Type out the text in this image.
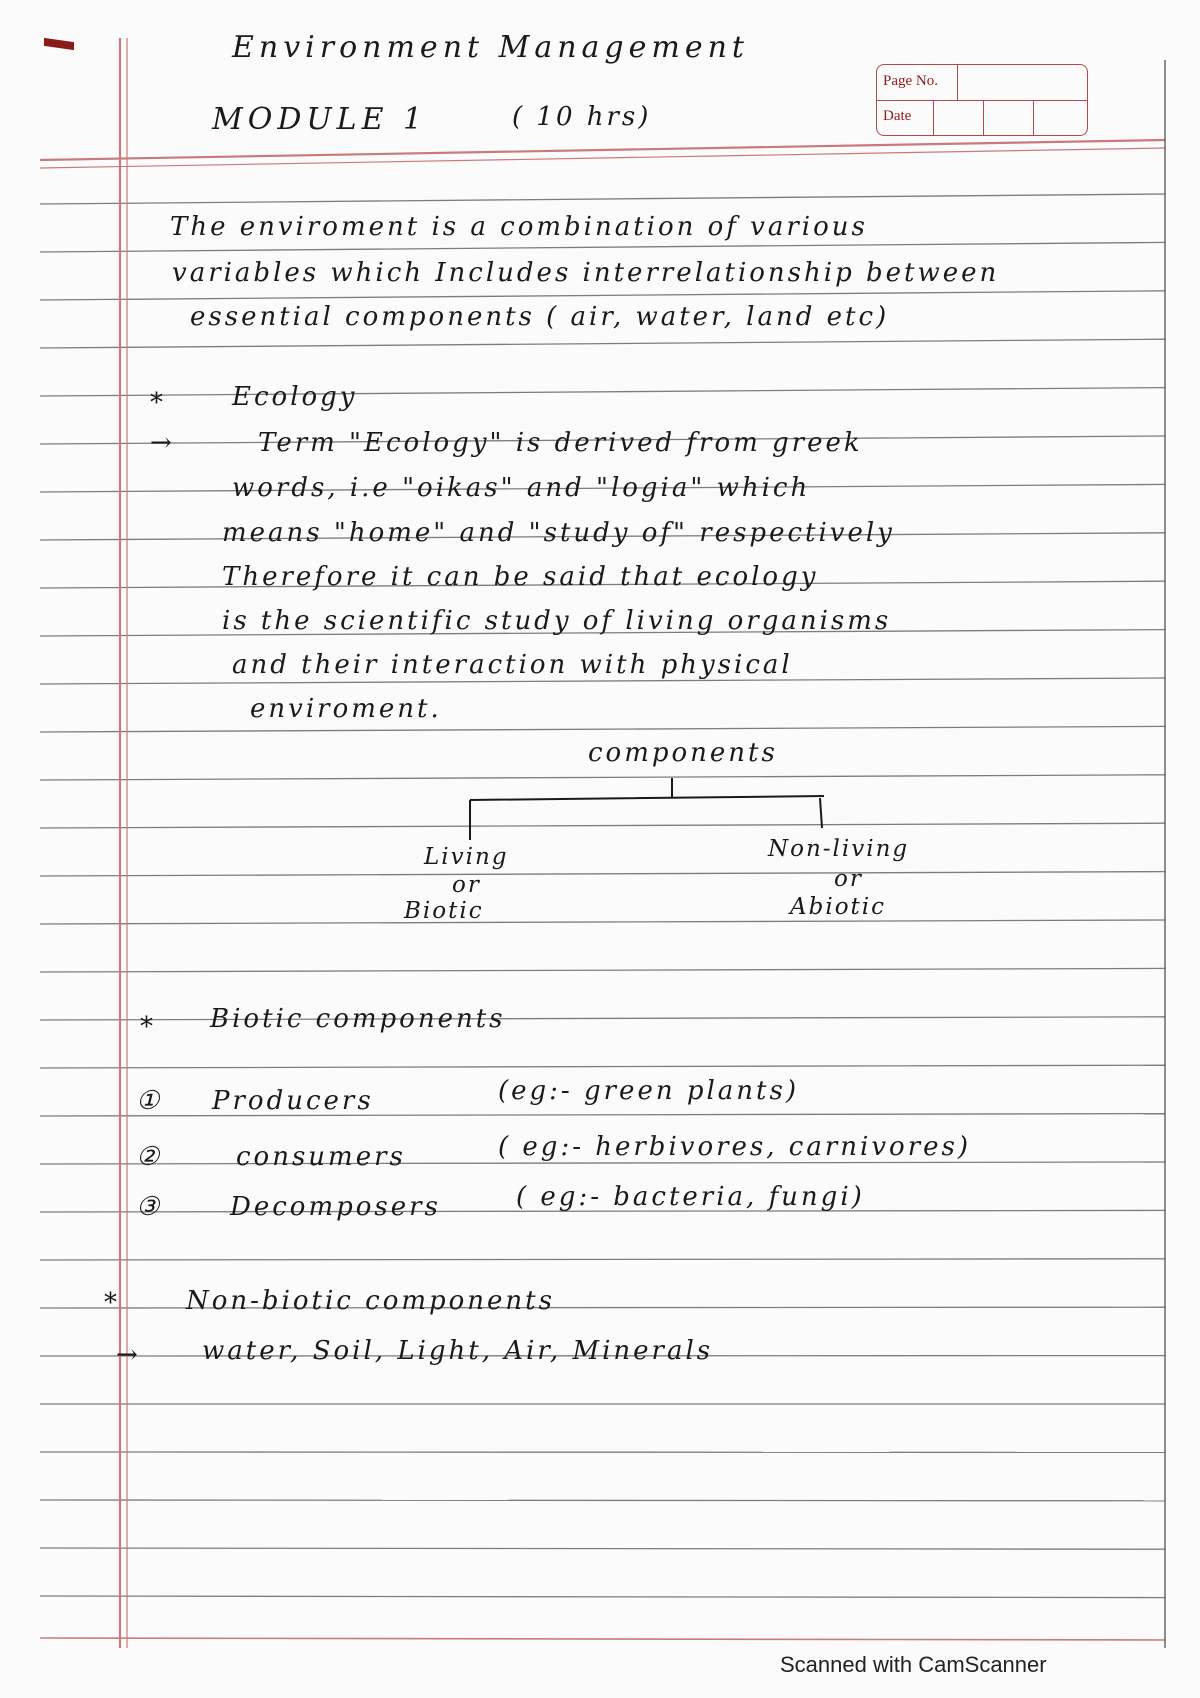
Environment Management
MODULE 1	( 10 hrs)
Page No.
Date
The enviroment is a combination of various
variables which Includes interrelationship between
essential components ( air, water, land etc)
*	Ecology
→	Term "Ecology" is derived from greek
words, i.e "oikas" and "logia" which
means "home" and "study of" respectively
Therefore it can be said that ecology
is the scientific study of living organisms
and their interaction with physical
enviroment.
components
Living
or
Biotic
Non-living
or
Abiotic
* Biotic components
① Producers	(eg:- green plants)
②	consumers	( eg:- herbivores, carnivores)
③	Decomposers	( eg:- bacteria, fungi)
*	Non-biotic components
→ water, Soil, Light, Air, Minerals
Scanned with CamScanner
